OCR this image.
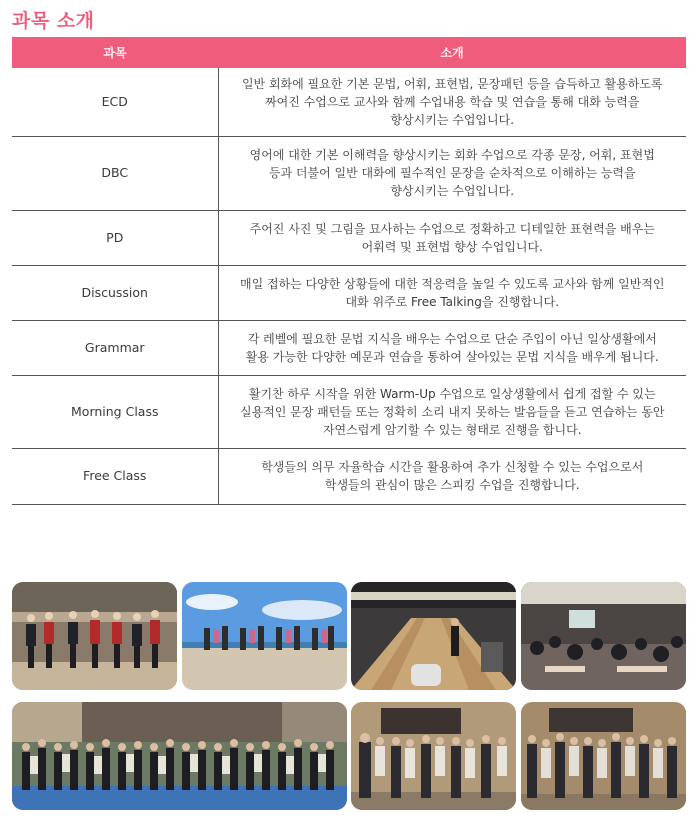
과목 소개
과목	소개
ECD	일반 회화에 필요한 기본 문법, 어휘, 표현법, 문장패턴 등을 습득하고 활용하도록
짜여진 수업으로 교사와 함께 수업내용 학습 및 연습을 통해 대화 능력을
향상시키는 수업입니다.

DBC	영어에 대한 기본 이해력을 향상시키는 회화 수업으로 각종 문장, 어휘, 표현법
등과 더불어 일반 대화에 필수적인 문장을 순차적으로 이해하는 능력을
향상시키는 수업입니다.

PD	주어진 사진 및 그림을 묘사하는 수업으로 정확하고 디테일한 표현력을 배우는
어휘력 및 표현법 향상 수업입니다.

Discussion	매일 접하는 다양한 상황들에 대한 적응력을 높일 수 있도록 교사와 함께 일반적인
대화 위주로 Free Talking을 진행합니다.

Grammar	각 레벨에 필요한 문법 지식을 배우는 수업으로 단순 주입이 아닌 일상생활에서
활용 가능한 다양한 예문과 연습을 통하여 살아있는 문법 지식을 배우게 됩니다.

Morning Class	활기찬 하루 시작을 위한 Warm-Up 수업으로 일상생활에서 쉽게 접할 수 있는
실용적인 문장 패턴들 또는 정확히 소리 내지 못하는 발음들을 듣고 연습하는 동안
자연스럽게 암기할 수 있는 형태로 진행을 합니다.

Free Class	학생들의 의무 자율학습 시간을 활용하여 추가 신청할 수 있는 수업으로서
학생들의 관심이 많은 스피킹 수업을 진행합니다.
